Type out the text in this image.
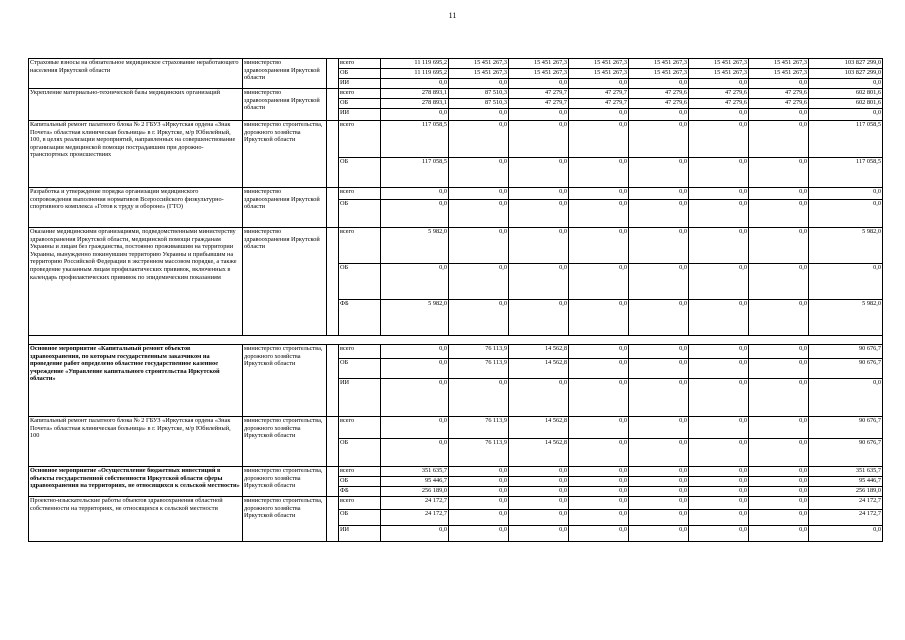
11
Страховые взносы на обязательное медицинское страхование неработающего населения Иркутской области	министерство здравоохранения Иркутской области		всего	11 119 695,2	15 451 267,3	15 451 267,3	15 451 267,3	15 451 267,3	15 451 267,3	15 451 267,3	103 827 299,0
			ОБ	11 119 695,2	15 451 267,3	15 451 267,3	15 451 267,3	15 451 267,3	15 451 267,3	15 451 267,3	103 827 299,0
			ИИ	0,0	0,0	0,0	0,0	0,0	0,0	0,0	0,0
Укрепление материально-технической базы медицинских организаций	министерство здравоохранения Иркутской области		всего	278 893,1	87 510,3	47 279,7	47 279,7	47 279,6	47 279,6	47 279,6	602 801,6
			ОБ	278 893,1	87 510,3	47 279,7	47 279,7	47 279,6	47 279,6	47 279,6	602 801,6
			ИИ	0,0	0,0	0,0	0,0	0,0	0,0	0,0	0,0
Капитальный ремонт палатного блока № 2 ГБУЗ «Иркутская ордена «Знак Почета» областная клиническая больница» в г. Иркутске, м/р Юбилейный, 100, в целях реализации мероприятий, направленных на совершенствование организации медицинской помощи пострадавшим при дорожно-транспортных происшествиях	министерство строительства, дорожного хозяйства Иркутской области		всего	117 058,5	0,0	0,0	0,0	0,0	0,0	0,0	117 058,5
			ОБ	117 058,5	0,0	0,0	0,0	0,0	0,0	0,0	117 058,5
Разработка и утверждение порядка организации медицинского сопровождения выполнения нормативов Всероссийского физкультурно-спортивного комплекса «Готов к труду и обороне» (ГТО)	министерство здравоохранения Иркутской области		всего	0,0	0,0	0,0	0,0	0,0	0,0	0,0	0,0
			ОБ	0,0	0,0	0,0	0,0	0,0	0,0	0,0	0,0
Оказание медицинскими организациями, подведомственными министерству здравоохранения Иркутской области, медицинской помощи гражданам Украины и лицам без гражданства, постоянно проживавшим на территории Украины, вынужденно покинувшим территорию Украины и прибывшим на территорию Российской Федерации в экстренном массовом порядке, а также проведение указанным лицам профилактических прививок, включенных в календарь профилактических прививок по эпидемическим показаниям	министерство здравоохранения Иркутской области		всего	5 982,0	0,0	0,0	0,0	0,0	0,0	0,0	5 982,0
			ОБ	0,0	0,0	0,0	0,0	0,0	0,0	0,0	0,0
			ФБ	5 982,0	0,0	0,0	0,0	0,0	0,0	0,0	5 982,0

Основное мероприятие «Капитальный ремонт объектов здравоохранения, по которым государственным заказчиком на проведение работ определено областное государственное казенное учреждение «Управление капитального строительства Иркутской области»	министерство строительства, дорожного хозяйства Иркутской области		всего	0,0	76 113,9	14 562,8	0,0	0,0	0,0	0,0	90 676,7
			ОБ	0,0	76 113,9	14 562,8	0,0	0,0	0,0	0,0	90 676,7
			ИИ	0,0	0,0	0,0	0,0	0,0	0,0	0,0	0,0
Капитальный ремонт палатного блока № 2 ГБУЗ «Иркутская ордена «Знак Почета» областная клиническая больница» в г. Иркутске, м/р Юбилейный, 100	министерство строительства, дорожного хозяйства Иркутской области		всего	0,0	76 113,9	14 562,8	0,0	0,0	0,0	0,0	90 676,7
			ОБ	0,0	76 113,9	14 562,8	0,0	0,0	0,0	0,0	90 676,7
Основное мероприятие «Осуществление бюджетных инвестиций в объекты государственной собственности Иркутской области сферы здравоохранения на территориях, не относящихся к сельской местности»	министерство строительства, дорожного хозяйства Иркутской области		всего	351 635,7	0,0	0,0	0,0	0,0	0,0	0,0	351 635,7
			ОБ	95 446,7	0,0	0,0	0,0	0,0	0,0	0,0	95 446,7
			ФБ	256 189,0	0,0	0,0	0,0	0,0	0,0	0,0	256 189,0
Проектно-изыскательские работы объектов здравоохранения областной собственности на территориях, не относящихся к сельской местности	министерство строительства, дорожного хозяйства Иркутской области		всего	24 172,7	0,0	0,0	0,0	0,0	0,0	0,0	24 172,7
			ОБ	24 172,7	0,0	0,0	0,0	0,0	0,0	0,0	24 172,7
			ИИ	0,0	0,0	0,0	0,0	0,0	0,0	0,0	0,0
